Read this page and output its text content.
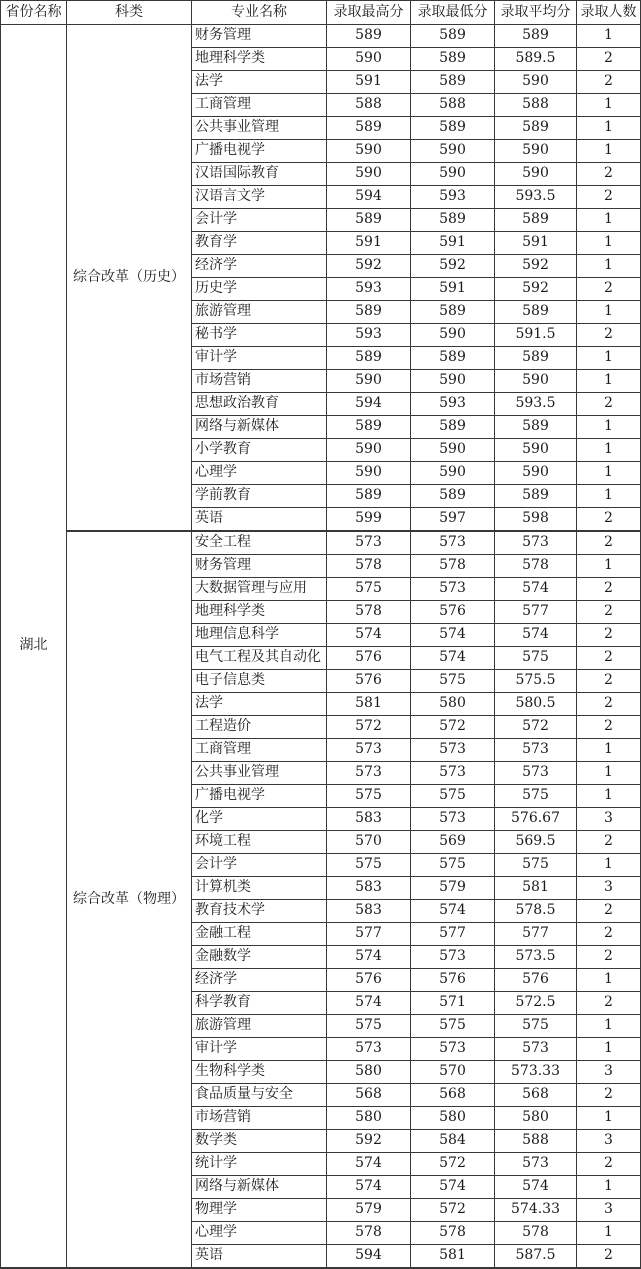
省份名称	科类	专业名称	录取最高分	录取最低分	录取平均分	录取人数
湖北	综合改革（历史）	财务管理	589	589	589	1
		地理科学类	590	589	589.5	2
		法学	591	589	590	2
		工商管理	588	588	588	1
		公共事业管理	589	589	589	1
		广播电视学	590	590	590	1
		汉语国际教育	590	590	590	2
		汉语言文学	594	593	593.5	2
		会计学	589	589	589	1
		教育学	591	591	591	1
		经济学	592	592	592	1
		历史学	593	591	592	2
		旅游管理	589	589	589	1
		秘书学	593	590	591.5	2
		审计学	589	589	589	1
		市场营销	590	590	590	1
		思想政治教育	594	593	593.5	2
		网络与新媒体	589	589	589	1
		小学教育	590	590	590	1
		心理学	590	590	590	1
		学前教育	589	589	589	1
		英语	599	597	598	2
	综合改革（物理）	安全工程	573	573	573	2
		财务管理	578	578	578	1
		大数据管理与应用	575	573	574	2
		地理科学类	578	576	577	2
		地理信息科学	574	574	574	2
		电气工程及其自动化	576	574	575	2
		电子信息类	576	575	575.5	2
		法学	581	580	580.5	2
		工程造价	572	572	572	2
		工商管理	573	573	573	1
		公共事业管理	573	573	573	1
		广播电视学	575	575	575	1
		化学	583	573	576.67	3
		环境工程	570	569	569.5	2
		会计学	575	575	575	1
		计算机类	583	579	581	3
		教育技术学	583	574	578.5	2
		金融工程	577	577	577	2
		金融数学	574	573	573.5	2
		经济学	576	576	576	1
		科学教育	574	571	572.5	2
		旅游管理	575	575	575	1
		审计学	573	573	573	1
		生物科学类	580	570	573.33	3
		食品质量与安全	568	568	568	2
		市场营销	580	580	580	1
		数学类	592	584	588	3
		统计学	574	572	573	2
		网络与新媒体	574	574	574	1
		物理学	579	572	574.33	3
		心理学	578	578	578	1
		英语	594	581	587.5	2
